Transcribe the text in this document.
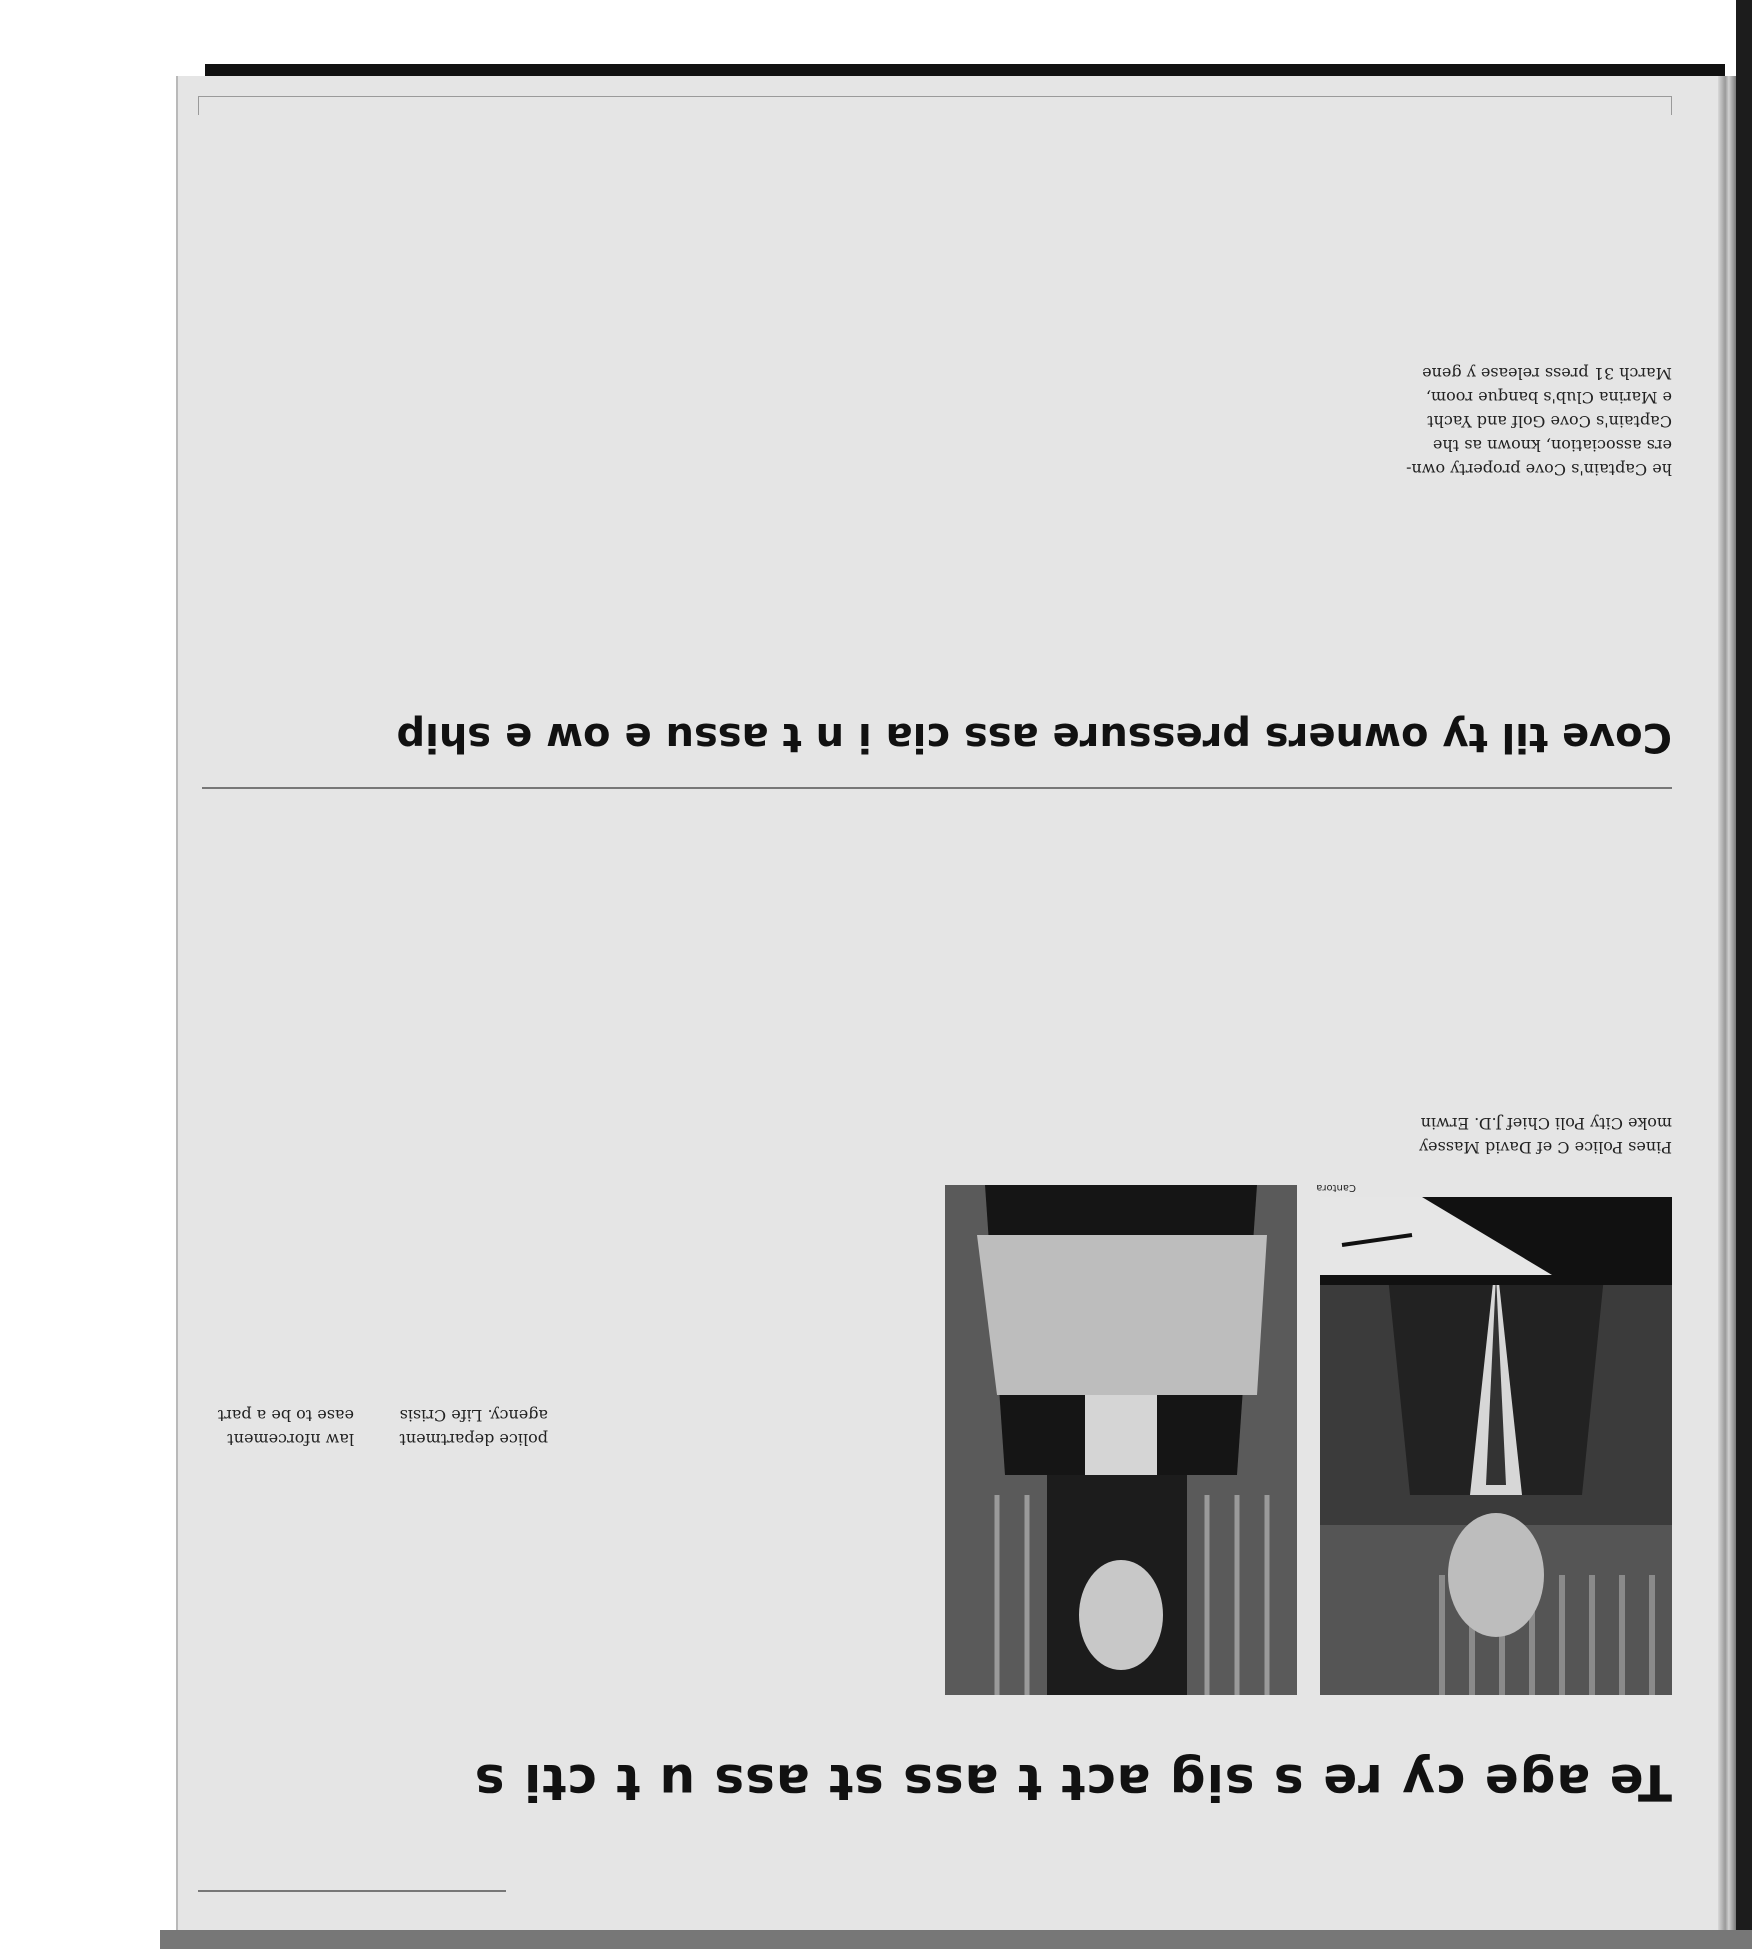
Te age cy re s sig act t ass st ass u t cti s

Cantora

police department

agency. Life Crisis

law nforcement

ease to be a part

Pines Police C ef David Massey

moke City Poli Chief J.D. Erwin

Cove til ty owners pressure ass cia i n t assu e ow e ship

he Captain's Cove property own-

ers association, known as the

Captain's Cove Golf and Yacht

e Marina Club's banque room,

March 31 press release y gene
